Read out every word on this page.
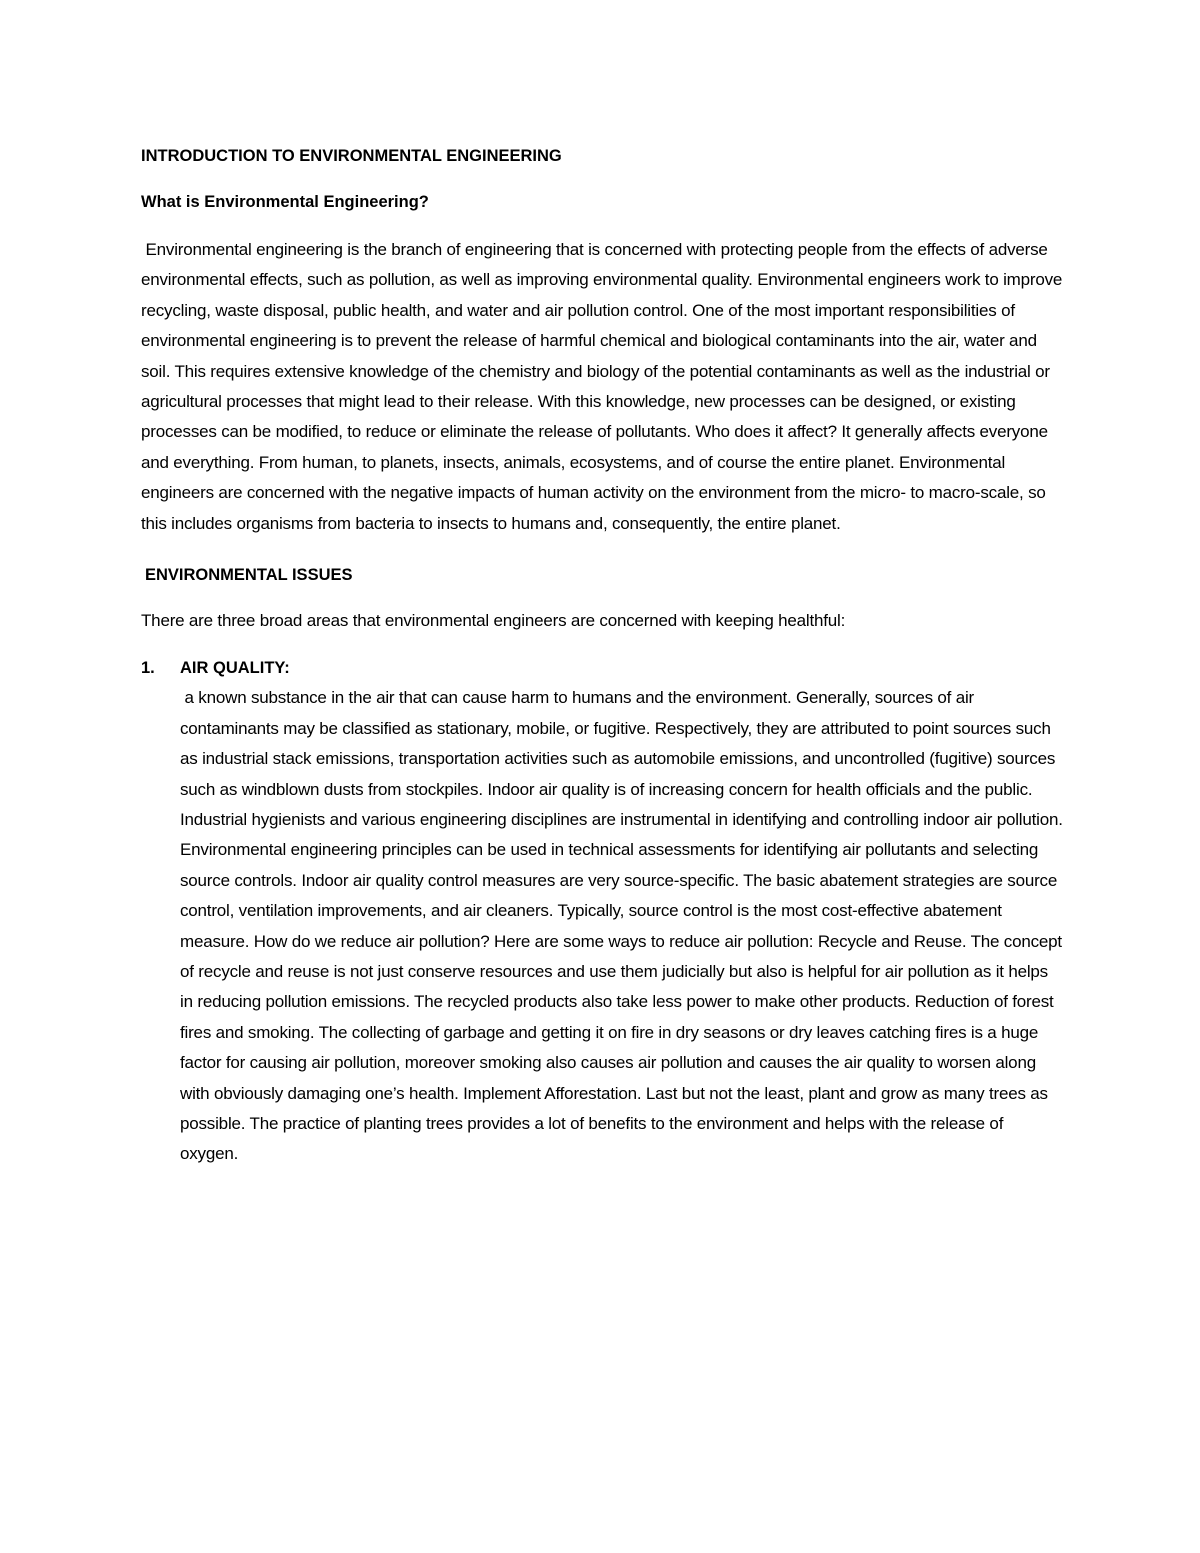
INTRODUCTION TO ENVIRONMENTAL ENGINEERING

What is Environmental Engineering?

Environmental engineering is the branch of engineering that is concerned with protecting people from the effects of adverse environmental effects, such as pollution, as well as improving environmental quality. Environmental engineers work to improve recycling, waste disposal, public health, and water and air pollution control. One of the most important responsibilities of environmental engineering is to prevent the release of harmful chemical and biological contaminants into the air, water and soil. This requires extensive knowledge of the chemistry and biology of the potential contaminants as well as the industrial or agricultural processes that might lead to their release. With this knowledge, new processes can be designed, or existing processes can be modified, to reduce or eliminate the release of pollutants. Who does it affect? It generally affects everyone and everything. From human, to planets, insects, animals, ecosystems, and of course the entire planet. Environmental engineers are concerned with the negative impacts of human activity on the environment from the micro- to macro-scale, so this includes organisms from bacteria to insects to humans and, consequently, the entire planet.

ENVIRONMENTAL ISSUES

There are three broad areas that environmental engineers are concerned with keeping healthful:

1. AIR QUALITY:

a known substance in the air that can cause harm to humans and the environment. Generally, sources of air contaminants may be classified as stationary, mobile, or fugitive. Respectively, they are attributed to point sources such as industrial stack emissions, transportation activities such as automobile emissions, and uncontrolled (fugitive) sources such as windblown dusts from stockpiles. Indoor air quality is of increasing concern for health officials and the public. Industrial hygienists and various engineering disciplines are instrumental in identifying and controlling indoor air pollution. Environmental engineering principles can be used in technical assessments for identifying air pollutants and selecting source controls. Indoor air quality control measures are very source-specific. The basic abatement strategies are source control, ventilation improvements, and air cleaners. Typically, source control is the most cost-effective abatement measure. How do we reduce air pollution? Here are some ways to reduce air pollution: Recycle and Reuse. The concept of recycle and reuse is not just conserve resources and use them judicially but also is helpful for air pollution as it helps in reducing pollution emissions. The recycled products also take less power to make other products. Reduction of forest fires and smoking. The collecting of garbage and getting it on fire in dry seasons or dry leaves catching fires is a huge factor for causing air pollution, moreover smoking also causes air pollution and causes the air quality to worsen along with obviously damaging one’s health. Implement Afforestation. Last but not the least, plant and grow as many trees as possible. The practice of planting trees provides a lot of benefits to the environment and helps with the release of oxygen.
